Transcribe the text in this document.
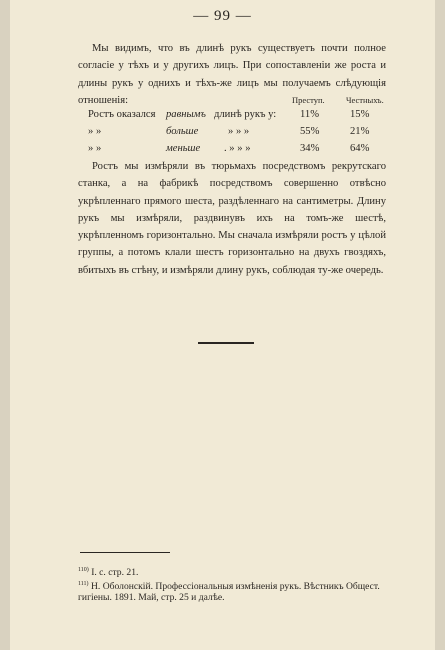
— 99 —
Мы видимъ, что въ длинѣ рукъ существуетъ почти полное согласіе у тѣхъ и у другихъ лицъ. При сопоставленіи же роста и длины рукъ у однихъ и тѣхъ-же лицъ мы получаемъ слѣдующія отношенія:	Преступ.	Честныхъ.
Ростъ оказался равнымъ длинѣ рукъ у: 11%	15%
» »	больше	» » »	55%	21%
» »	меньше . » » »	34%	64%
Ростъ мы измѣряли въ тюрьмахъ посредствомъ рекрутскаго станка, а на фабрикѣ посредствомъ совершенно отвѣсно укрѣпленнаго прямого шеста, раздѣленнаго на сантиметры. Длину рукъ мы измѣряли, раздвинувъ ихъ на томъ-же шестѣ, укрѣпленномъ горизонтально. Мы сначала измѣряли ростъ у цѣлой группы, а потомъ клали шестъ горизонтально на двухъ гвоздяхъ, вбитыхъ въ стѣну, и измѣряли длину рукъ, соблюдая ту-же очередь.
$^{110)}$ I. c. стр. 21.
$^{111)}$ Н. Оболонскій. Профессіональныя измѣненія рукъ. Вѣстникъ Общест.
гигіены. 1891. Май, стр. 25 и далѣе.
